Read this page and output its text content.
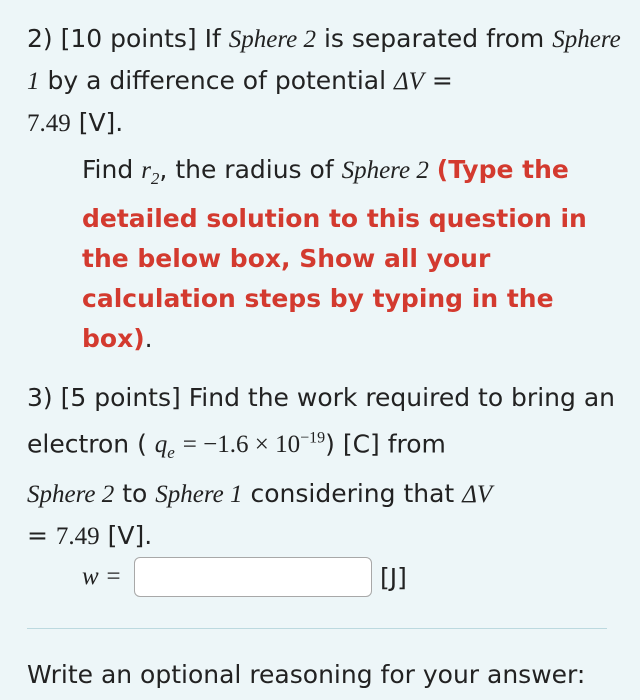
2) [10 points] If Sphere 2 is separated from Sphere 1 by a difference of potential ΔV =
7.49 [V].
Find $r_2$, the radius of Sphere 2 (Type the detailed solution to this question in the below box, Show all your calculation steps by typing in the box).
3) [5 points] Find the work required to bring an electron ( $q_e = -1.6 \times 10^{-19}$) [C] from
Sphere 2 to Sphere 1 considering that ΔV
= 7.49 [V].
w =	[J]
Write an optional reasoning for your answer:
